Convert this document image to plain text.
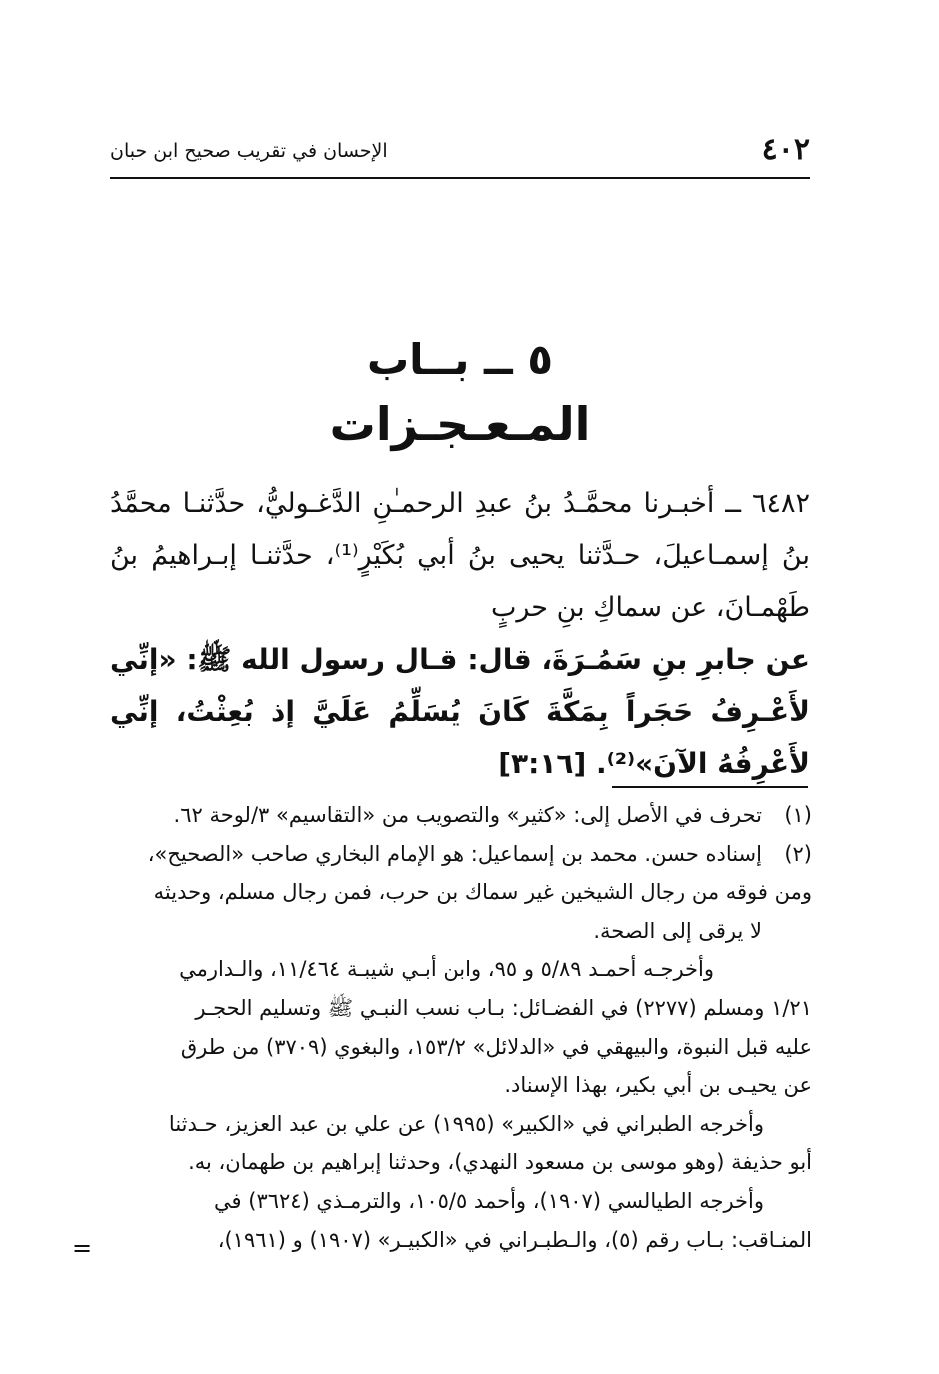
٤٠٢
الإحسان في تقريب صحيح ابن حبان
٥ ــ بــاب
المـعـجـزات
٦٤٨٢ ــ أخبـرنا محمَّـدُ بنُ عبدِ الرحمـٰنِ الدَّغـوليُّ، حدَّثنـا محمَّدُ بنُ إسمـاعيلَ، حـدَّثنا يحيى بنُ أبي بُكَيْرٍ⁽¹⁾، حدَّثنـا إبـراهيمُ بنُ طَهْمـانَ، عن سماكِ بنِ حربٍ
عن جابرِ بنِ سَمُـرَةَ، قال: قـال رسول الله ﷺ: «إنِّي لأَعْـرِفُ حَجَراً بِمَكَّةَ كَانَ يُسَلِّمُ عَلَيَّ إذ بُعِثْتُ، إنِّي لأَعْرِفُهُ الآنَ»⁽²⁾. [٣:١٦]
(١)

تحرف في الأصل إلى: «كثير» والتصويب من «التقاسيم» ٣/لوحة ٦٢.

(٢)

إسناده حسن. محمد بن إسماعيل: هو الإمام البخاري صاحب «الصحيح»،
ومن فوقه من رجال الشيخين غير سماك بن حرب، فمن رجال مسلم، وحديثه
لا يرقى إلى الصحة.

وأخرجـه أحمـد ٥/٨٩ و ٩٥، وابن أبـي شيبـة ١١/٤٦٤، والـدارمي

١/٢١ ومسلم (٢٢٧٧) في الفضـائل: بـاب نسب النبـي ﷺ وتسليم الحجـر
عليه قبل النبوة، والبيهقي في «الدلائل» ١٥٣/٢، والبغوي (٣٧٠٩) من طرق
عن يحيـى بن أبي بكير، بهذا الإسناد.

وأخرجه الطبراني في «الكبير» (١٩٩٥) عن علي بن عبد العزيز، حـدثنا

أبو حذيفة (وهو موسى بن مسعود النهدي)، وحدثنا إبراهيم بن طهمان، به.

وأخرجه الطيالسي (١٩٠٧)، وأحمد ١٠٥/٥، والترمـذي (٣٦٢٤) في

المنـاقب: بـاب رقم (٥)، والـطبـراني في «الكبيـر» (١٩٠٧) و (١٩٦١)،

=
